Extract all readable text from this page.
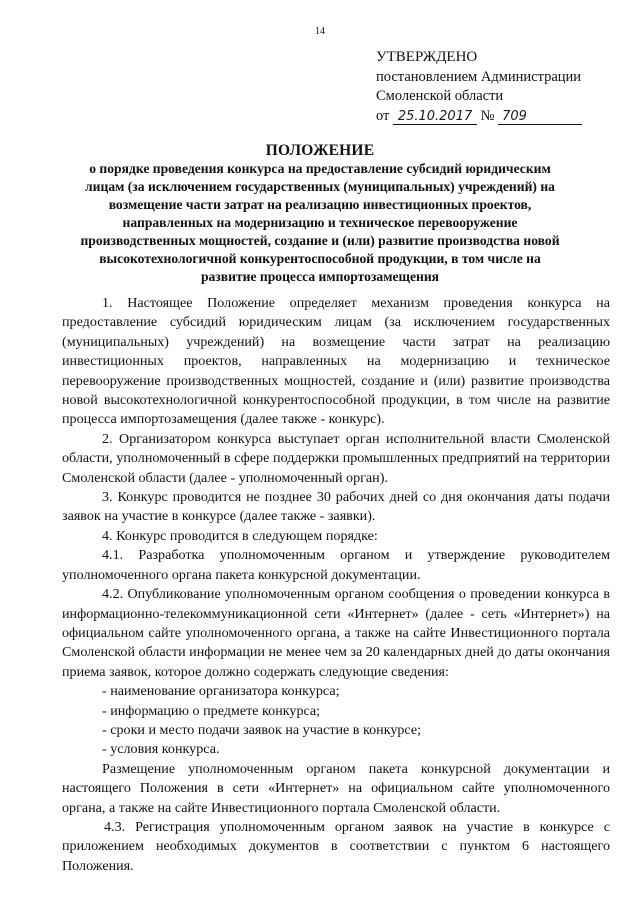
14
УТВЕРЖДЕНО
постановлением Администрации
Смоленской области
от 25.10.2017 № 709
ПОЛОЖЕНИЕ
о порядке проведения конкурса на предоставление субсидий юридическим
лицам (за исключением государственных (муниципальных) учреждений) на
возмещение части затрат на реализацию инвестиционных проектов,
направленных на модернизацию и техническое перевооружение
производственных мощностей, создание и (или) развитие производства новой
высокотехнологичной конкурентоспособной продукции, в том числе на
развитие процесса импортозамещения

1. Настоящее Положение определяет механизм проведения конкурса на предоставление субсидий юридическим лицам (за исключением государственных (муниципальных) учреждений) на возмещение части затрат на реализацию инвестиционных проектов, направленных на модернизацию и техническое перевооружение производственных мощностей, создание и (или) развитие производства новой высокотехнологичной конкурентоспособной продукции, в том числе на развитие процесса импортозамещения (далее также - конкурс).

2. Организатором конкурса выступает орган исполнительной власти Смоленской области, уполномоченный в сфере поддержки промышленных предприятий на территории Смоленской области (далее - уполномоченный орган).

3. Конкурс проводится не позднее 30 рабочих дней со дня окончания даты подачи заявок на участие в конкурсе (далее также - заявки).

4. Конкурс проводится в следующем порядке:

4.1. Разработка уполномоченным органом и утверждение руководителем уполномоченного органа пакета конкурсной документации.

4.2. Опубликование уполномоченным органом сообщения о проведении конкурса в информационно-телекоммуникационной сети «Интернет» (далее - сеть «Интернет») на официальном сайте уполномоченного органа, а также на сайте Инвестиционного портала Смоленской области информации не менее чем за 20 календарных дней до даты окончания приема заявок, которое должно содержать следующие сведения:

- наименование организатора конкурса;

- информацию о предмете конкурса;

- сроки и место подачи заявок на участие в конкурсе;

- условия конкурса.

Размещение уполномоченным органом пакета конкурсной документации и настоящего Положения в сети «Интернет» на официальном сайте уполномоченного органа, а также на сайте Инвестиционного портала Смоленской области.

4.3. Регистрация уполномоченным органом заявок на участие в конкурсе с приложением необходимых документов в соответствии с пунктом 6 настоящего Положения.
